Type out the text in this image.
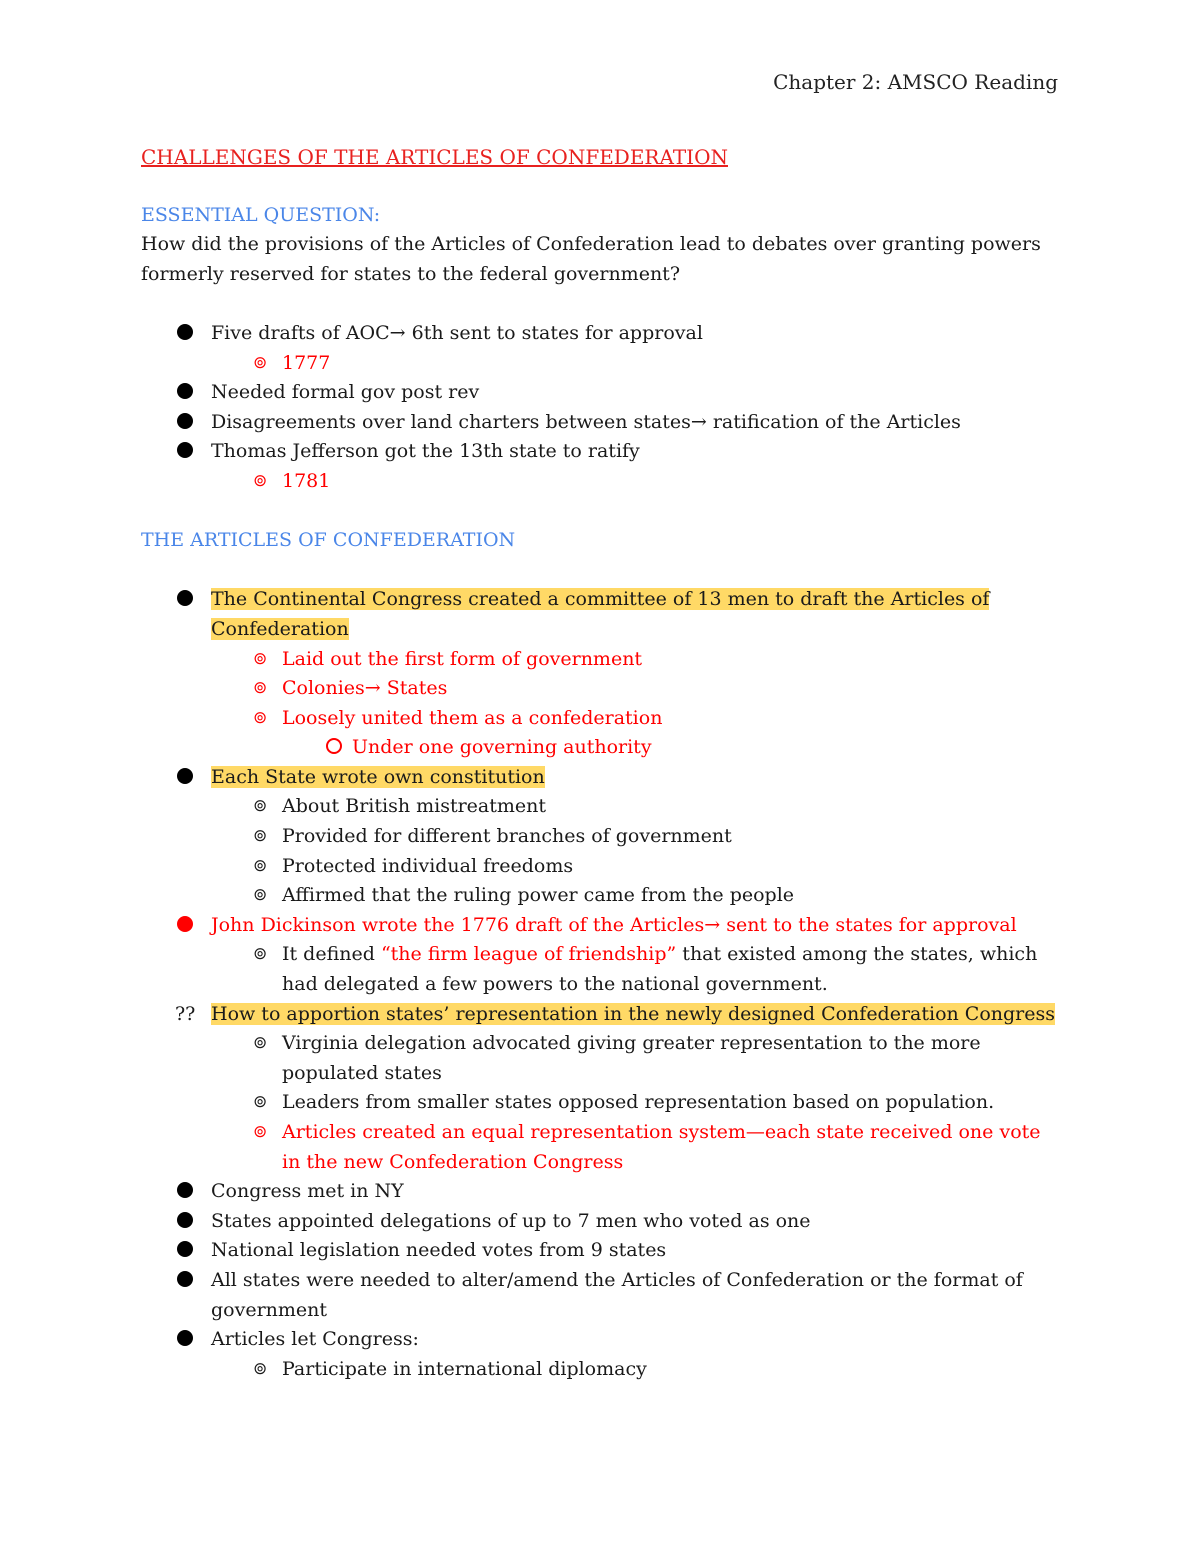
Chapter 2: AMSCO Reading
CHALLENGES OF THE ARTICLES OF CONFEDERATION
ESSENTIAL QUESTION:
How did the provisions of the Articles of Confederation lead to debates over granting powers formerly reserved for states to the federal government?
Five drafts of AOC→ 6th sent to states for approval
⊚ 1777
Needed formal gov post rev
Disagreements over land charters between states→ ratification of the Articles
Thomas Jefferson got the 13th state to ratify
⊚ 1781
THE ARTICLES OF CONFEDERATION
The Continental Congress created a committee of 13 men to draft the Articles of Confederation
⊚ Laid out the first form of government
⊚ Colonies→ States
⊚ Loosely united them as a confederation
Under one governing authority
Each State wrote own constitution
⊚ About British mistreatment
⊚ Provided for different branches of government
⊚ Protected individual freedoms
⊚ Affirmed that the ruling power came from the people
John Dickinson wrote the 1776 draft of the Articles→ sent to the states for approval
⊚ It defined “the firm league of friendship” that existed among the states, which had delegated a few powers to the national government.
?? How to apportion states’ representation in the newly designed Confederation Congress
⊚ Virginia delegation advocated giving greater representation to the more populated states
⊚ Leaders from smaller states opposed representation based on population.
⊚ Articles created an equal representation system—each state received one vote in the new Confederation Congress
Congress met in NY
States appointed delegations of up to 7 men who voted as one
National legislation needed votes from 9 states
All states were needed to alter/amend the Articles of Confederation or the format of government
Articles let Congress:
⊚ Participate in international diplomacy
